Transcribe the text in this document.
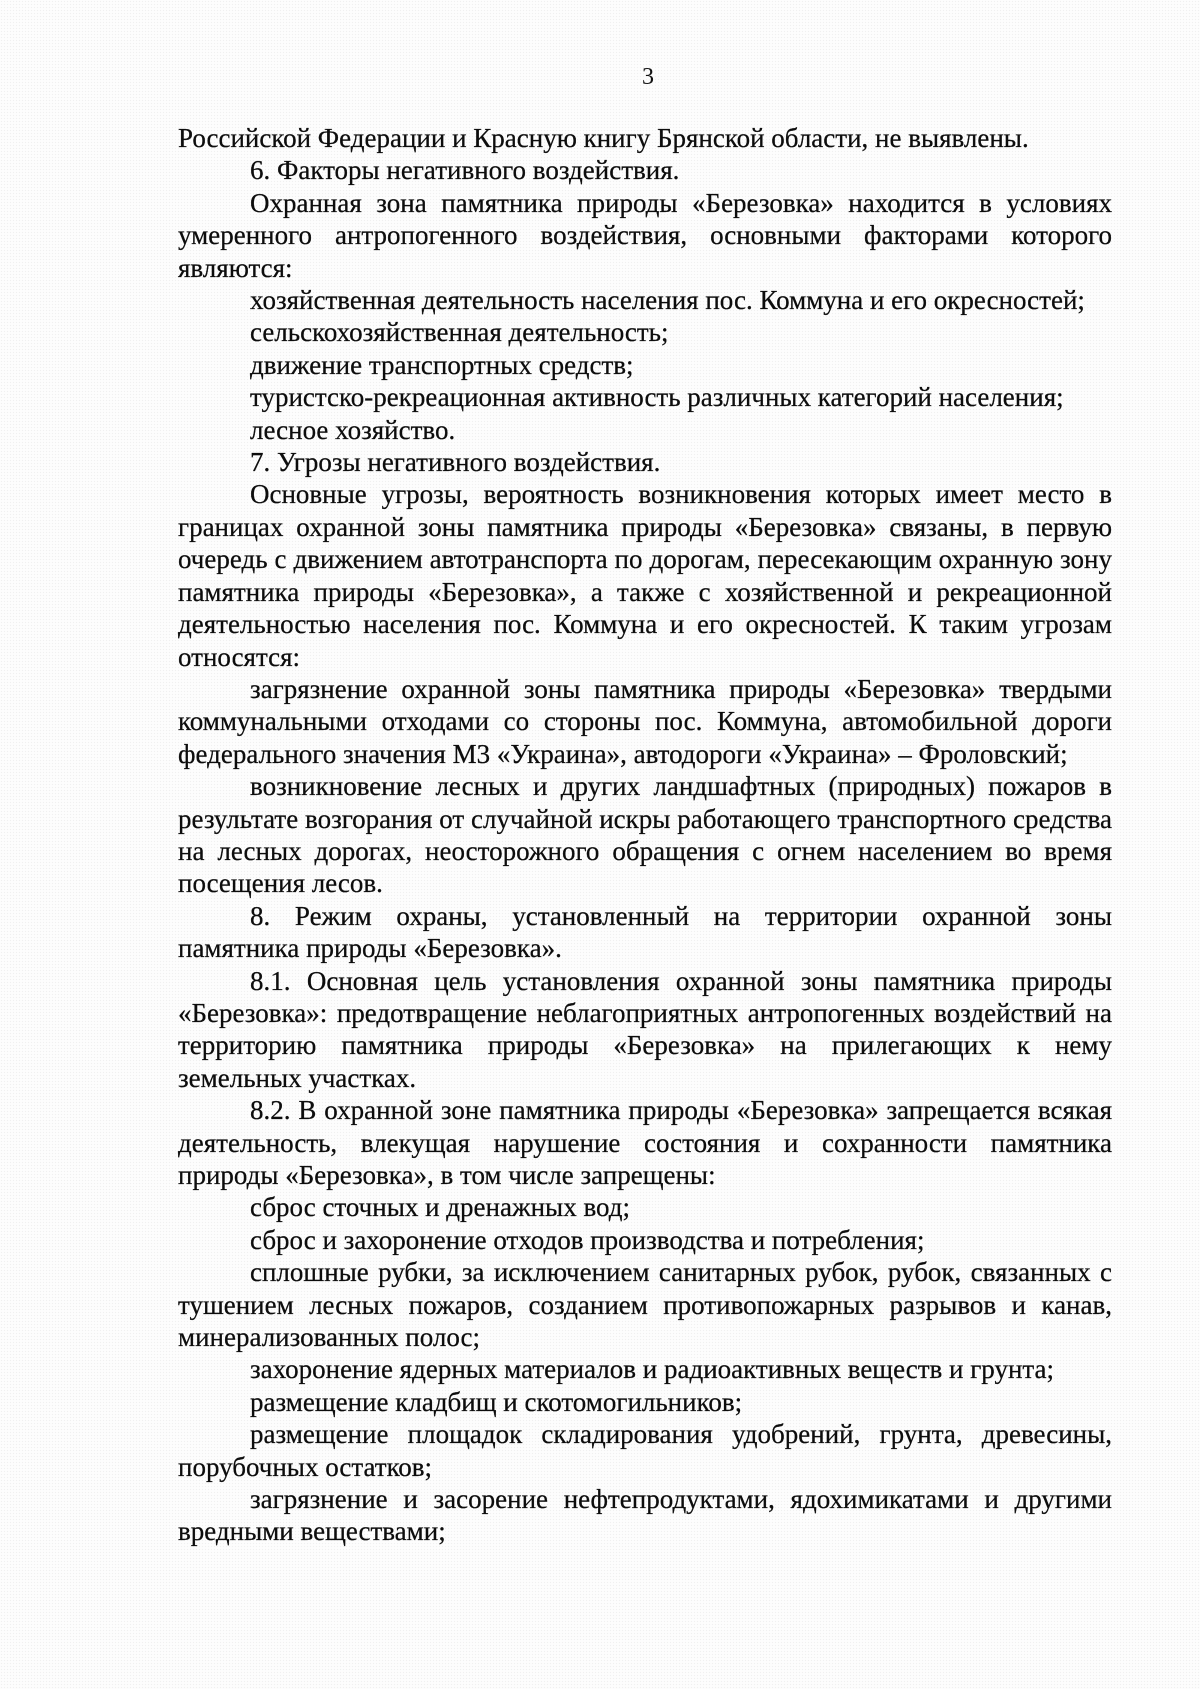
3

Российской Федерации и Красную книгу Брянской области, не выявлены.

6. Факторы негативного воздействия.

Охранная зона памятника природы «Березовка» находится в условиях умеренного антропогенного воздействия, основными факторами которого являются:

хозяйственная деятельность населения пос. Коммуна и его окресностей;

сельскохозяйственная деятельность;

движение транспортных средств;

туристско-рекреационная активность различных категорий населения;

лесное хозяйство.

7. Угрозы негативного воздействия.

Основные угрозы, вероятность возникновения которых имеет место в границах охранной зоны памятника природы «Березовка» связаны, в первую очередь с движением автотранспорта по дорогам, пересекающим охранную зону памятника природы «Березовка», а также с хозяйственной и рекреационной деятельностью населения пос. Коммуна и его окресностей. К таким угрозам относятся:

загрязнение охранной зоны памятника природы «Березовка» твердыми коммунальными отходами со стороны пос. Коммуна, автомобильной дороги федерального значения М3 «Украина», автодороги «Украина» – Фроловский;

возникновение лесных и других ландшафтных (природных) пожаров в результате возгорания от случайной искры работающего транспортного средства на лесных дорогах, неосторожного обращения с огнем населением во время посещения лесов.

8. Режим охраны, установленный на территории охранной зоны памятника природы «Березовка».

8.1. Основная цель установления охранной зоны памятника природы «Березовка»: предотвращение неблагоприятных антропогенных воздействий на территорию памятника природы «Березовка» на прилегающих к нему земельных участках.

8.2. В охранной зоне памятника природы «Березовка» запрещается всякая деятельность, влекущая нарушение состояния и сохранности памятника природы «Березовка», в том числе запрещены:

сброс сточных и дренажных вод;

сброс и захоронение отходов производства и потребления;

сплошные рубки, за исключением санитарных рубок, рубок, связанных с тушением лесных пожаров, созданием противопожарных разрывов и канав, минерализованных полос;

захоронение ядерных материалов и радиоактивных веществ и грунта;

размещение кладбищ и скотомогильников;

размещение площадок складирования удобрений, грунта, древесины, порубочных остатков;

загрязнение и засорение нефтепродуктами, ядохимикатами и другими вредными веществами;
